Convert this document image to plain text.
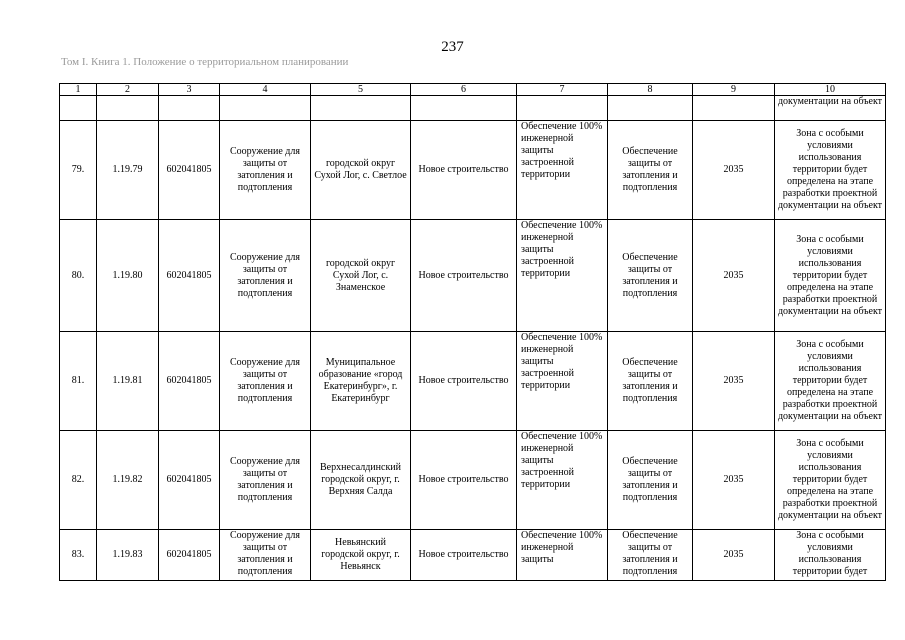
237
Том I. Книга 1. Положение о территориальном планировании
1	2	3	4	5	6	7	8	9	10
									документации на объект
79.	1.19.79	602041805	Сооружение для защиты от затопления и подтопления	городской округ Сухой Лог, с. Светлое	Новое строительство	Обеспечение 100% инженерной защиты застроенной территории	Обеспечение защиты от затопления и подтопления	2035	Зона с особыми условиями использования территории будет определена на этапе разработки проектной документации на объект
80.	1.19.80	602041805	Сооружение для защиты от затопления и подтопления	городской округ Сухой Лог, с. Знаменское	Новое строительство	Обеспечение 100% инженерной защиты застроенной территории	Обеспечение защиты от затопления и подтопления	2035	Зона с особыми условиями использования территории будет определена на этапе разработки проектной документации на объект
81.	1.19.81	602041805	Сооружение для защиты от затопления и подтопления	Муниципальное образование «город Екатеринбург», г. Екатеринбург	Новое строительство	Обеспечение 100% инженерной защиты застроенной территории	Обеспечение защиты от затопления и подтопления	2035	Зона с особыми условиями использования территории будет определена на этапе разработки проектной документации на объект
82.	1.19.82	602041805	Сооружение для защиты от затопления и подтопления	Верхнесалдинский городской округ, г. Верхняя Салда	Новое строительство	Обеспечение 100% инженерной защиты застроенной территории	Обеспечение защиты от затопления и подтопления	2035	Зона с особыми условиями использования территории будет определена на этапе разработки проектной документации на объект
83.	1.19.83	602041805	Сооружение для защиты от затопления и подтопления	Невьянский городской округ, г. Невьянск	Новое строительство	Обеспечение 100% инженерной защиты	Обеспечение защиты от затопления и подтопления	2035	Зона с особыми условиями использования территории будет
